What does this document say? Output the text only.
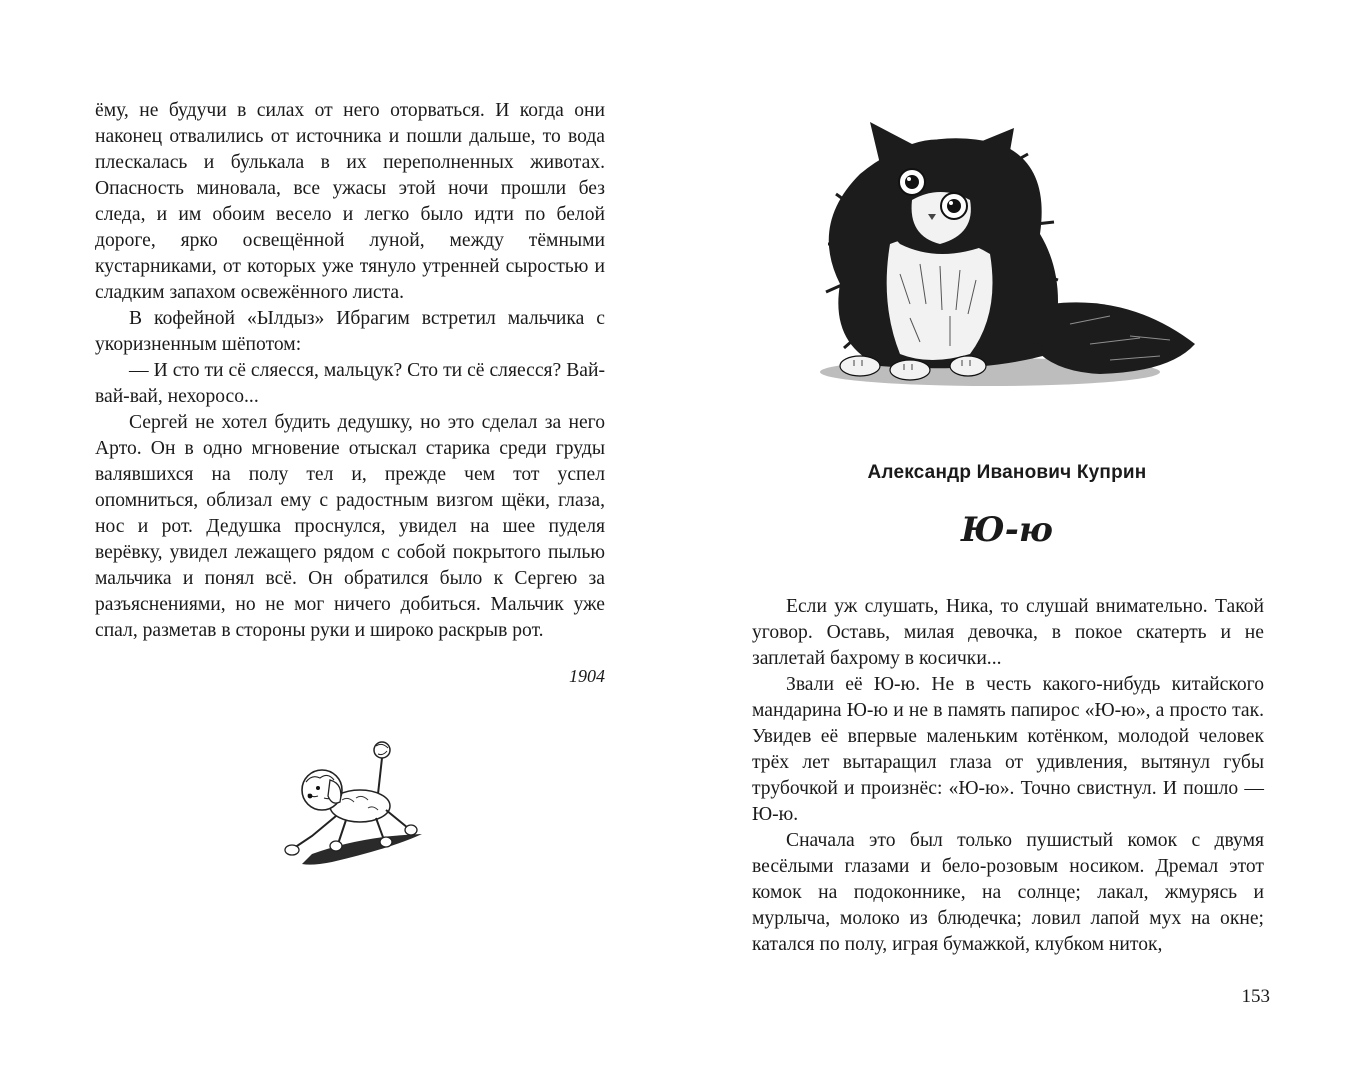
ёму, не будучи в силах от него оторваться. И когда они наконец отвалились от источника и пошли дальше, то вода плескалась и булькала в их переполненных животах. Опасность миновала, все ужасы этой ночи прошли без следа, и им обоим весело и легко было идти по белой дороге, ярко освещённой луной, между тёмными кустарниками, от которых уже тянуло утренней сыростью и сладким запахом освежённого листа.

В кофейной «Ылдыз» Ибрагим встретил мальчика с укоризненным шёпотом:

— И сто ти сё сляесся, мальцук? Сто ти сё сляесся? Вай-вай-вай, нехоросо...

Сергей не хотел будить дедушку, но это сделал за него Арто. Он в одно мгновение отыскал старика среди груды валявшихся на полу тел и, прежде чем тот успел опомниться, облизал ему с радостным визгом щёки, глаза, нос и рот. Дедушка проснулся, увидел на шее пуделя верёвку, увидел лежащего рядом с собой покрытого пылью мальчика и понял всё. Он обратился было к Сергею за разъяснениями, но не мог ничего добиться. Мальчик уже спал, разметав в стороны руки и широко раскрыв рот.

1904
Александр Иванович Куприн
Ю-ю

Если уж слушать, Ника, то слушай внимательно. Такой уговор. Оставь, милая девочка, в покое скатерть и не заплетай бахрому в косички...

Звали её Ю-ю. Не в честь какого-нибудь китайского мандарина Ю-ю и не в память папирос «Ю-ю», а просто так. Увидев её впервые маленьким котёнком, молодой человек трёх лет вытаращил глаза от удивления, вытянул губы трубочкой и произнёс: «Ю-ю». Точно свистнул. И пошло — Ю-ю.

Сначала это был только пушистый комок с двумя весёлыми глазами и бело-розовым носиком. Дремал этот комок на подоконнике, на солнце; лакал, жмурясь и мурлыча, молоко из блюдечка; ловил лапой мух на окне; катался по полу, играя бумажкой, клубком ниток,

153
